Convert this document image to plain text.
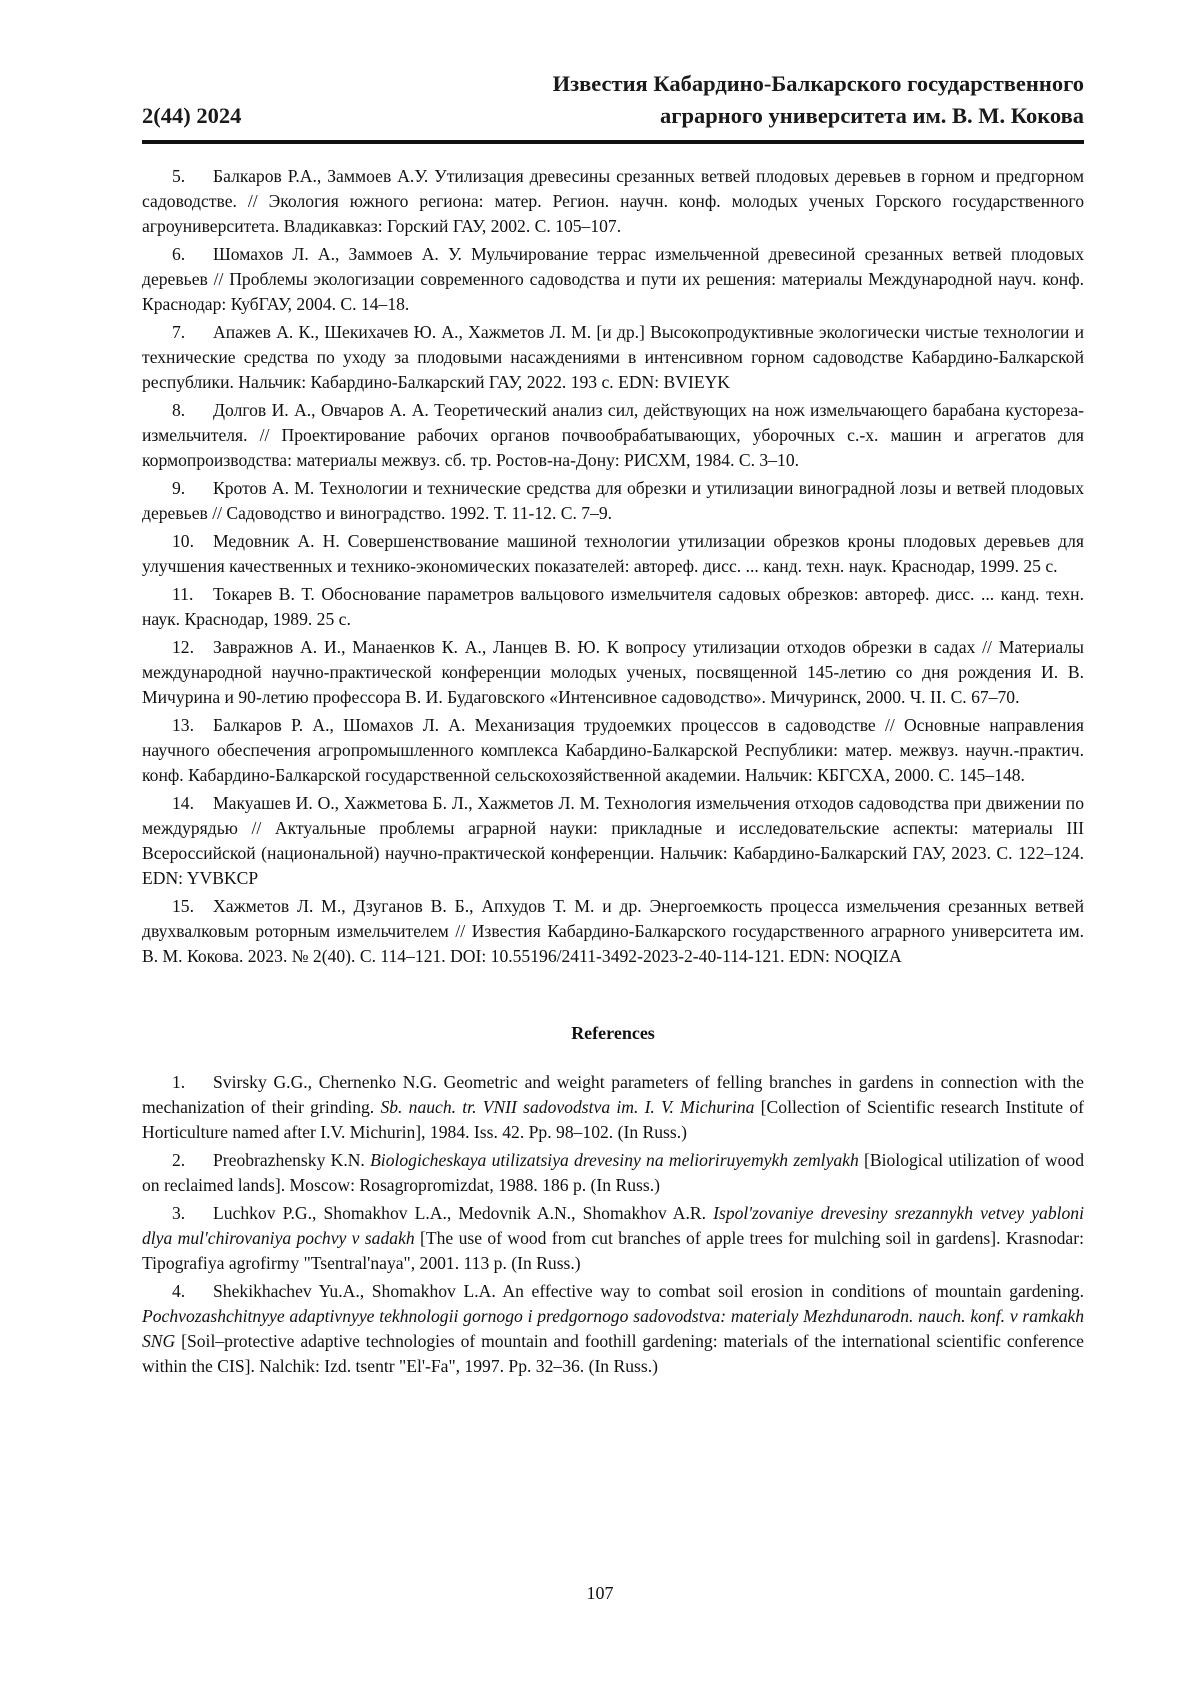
Известия Кабардино-Балкарского государственного
2(44) 2024	аграрного университета им. В. М. Кокова

5. Балкаров Р.А., Заммоев А.У. Утилизация древесины срезанных ветвей плодовых деревьев в горном и предгорном садоводстве. // Экология южного региона: матер. Регион. научн. конф. молодых ученых Горского государственного агроуниверситета. Владикавказ: Горский ГАУ, 2002. С. 105–107.

6. Шомахов Л. А., Заммоев А. У. Мульчирование террас измельченной древесиной срезанных ветвей плодовых деревьев // Проблемы экологизации современного садоводства и пути их решения: материалы Международной науч. конф. Краснодар: КубГАУ, 2004. С. 14–18.

7. Апажев А. К., Шекихачев Ю. А., Хажметов Л. М. [и др.] Высокопродуктивные экологически чистые технологии и технические средства по уходу за плодовыми насаждениями в интенсивном горном садоводстве Кабардино-Балкарской республики. Нальчик: Кабардино-Балкарский ГАУ, 2022. 193 с. EDN: BVIEYK

8. Долгов И. А., Овчаров А. А. Теоретический анализ сил, действующих на нож измельчающего барабана кустореза-измельчителя. // Проектирование рабочих органов почвообрабатывающих, уборочных с.-х. машин и агрегатов для кормопроизводства: материалы межвуз. сб. тр. Ростов-на-Дону: РИСХМ, 1984. С. 3–10.

9. Кротов А. М. Технологии и технические средства для обрезки и утилизации виноградной лозы и ветвей плодовых деревьев // Садоводство и виноградство. 1992. Т. 11-12. С. 7–9.

10. Медовник А. Н. Совершенствование машиной технологии утилизации обрезков кроны плодовых деревьев для улучшения качественных и технико-экономических показателей: автореф. дисс. ... канд. техн. наук. Краснодар, 1999. 25 с.

11. Токарев В. Т. Обоснование параметров вальцового измельчителя садовых обрезков: автореф. дисс. ... канд. техн. наук. Краснодар, 1989. 25 с.

12. Завражнов А. И., Манаенков К. А., Ланцев В. Ю. К вопросу утилизации отходов обрезки в садах // Материалы международной научно-практической конференции молодых ученых, посвященной 145-летию со дня рождения И. В. Мичурина и 90-летию профессора В. И. Будаговского «Интенсивное садоводство». Мичуринск, 2000. Ч. II. С. 67–70.

13. Балкаров Р. А., Шомахов Л. А. Механизация трудоемких процессов в садоводстве // Основные направления научного обеспечения агропромышленного комплекса Кабардино-Балкарской Республики: матер. межвуз. научн.-практич. конф. Кабардино-Балкарской государственной сельскохозяйственной академии. Нальчик: КБГСХА, 2000. С. 145–148.

14. Макуашев И. О., Хажметова Б. Л., Хажметов Л. М. Технология измельчения отходов садоводства при движении по междурядью // Актуальные проблемы аграрной науки: прикладные и исследовательские аспекты: материалы III Всероссийской (национальной) научно-практической конференции. Нальчик: Кабардино-Балкарский ГАУ, 2023. С. 122–124. EDN: YVBKCP

15. Хажметов Л. М., Дзуганов В. Б., Апхудов Т. М. и др. Энергоемкость процесса измельчения срезанных ветвей двухвалковым роторным измельчителем // Известия Кабардино-Балкарского государственного аграрного университета им. В. М. Кокова. 2023. № 2(40). С. 114–121. DOI: 10.55196/2411-3492-2023-2-40-114-121. EDN: NOQIZA

References

1. Svirsky G.G., Chernenko N.G. Geometric and weight parameters of felling branches in gardens in connection with the mechanization of their grinding. Sb. nauch. tr. VNII sadovodstva im. I. V. Michurina [Collection of Scientific research Institute of Horticulture named after I.V. Michurin], 1984. Iss. 42. Pp. 98–102. (In Russ.)

2. Preobrazhensky K.N. Biologicheskaya utilizatsiya drevesiny na melioriruyemykh zemlyakh [Biological utilization of wood on reclaimed lands]. Moscow: Rosagropromizdat, 1988. 186 p. (In Russ.)

3. Luchkov P.G., Shomakhov L.A., Medovnik A.N., Shomakhov A.R. Ispol'zovaniye drevesiny srezannykh vetvey yabloni dlya mul'chirovaniya pochvy v sadakh [The use of wood from cut branches of apple trees for mulching soil in gardens]. Krasnodar: Tipografiya agrofirmy "Tsentral'naya", 2001. 113 p. (In Russ.)

4. Shekikhachev Yu.A., Shomakhov L.A. An effective way to combat soil erosion in conditions of mountain gardening. Pochvozashchitnyye adaptivnyye tekhnologii gornogo i predgornogo sadovodstva: materialy Mezhdunarodn. nauch. konf. v ramkakh SNG [Soil–protective adaptive technologies of mountain and foothill gardening: materials of the international scientific conference within the CIS]. Nalchik: Izd. tsentr "El'-Fa", 1997. Pp. 32–36. (In Russ.)

107
